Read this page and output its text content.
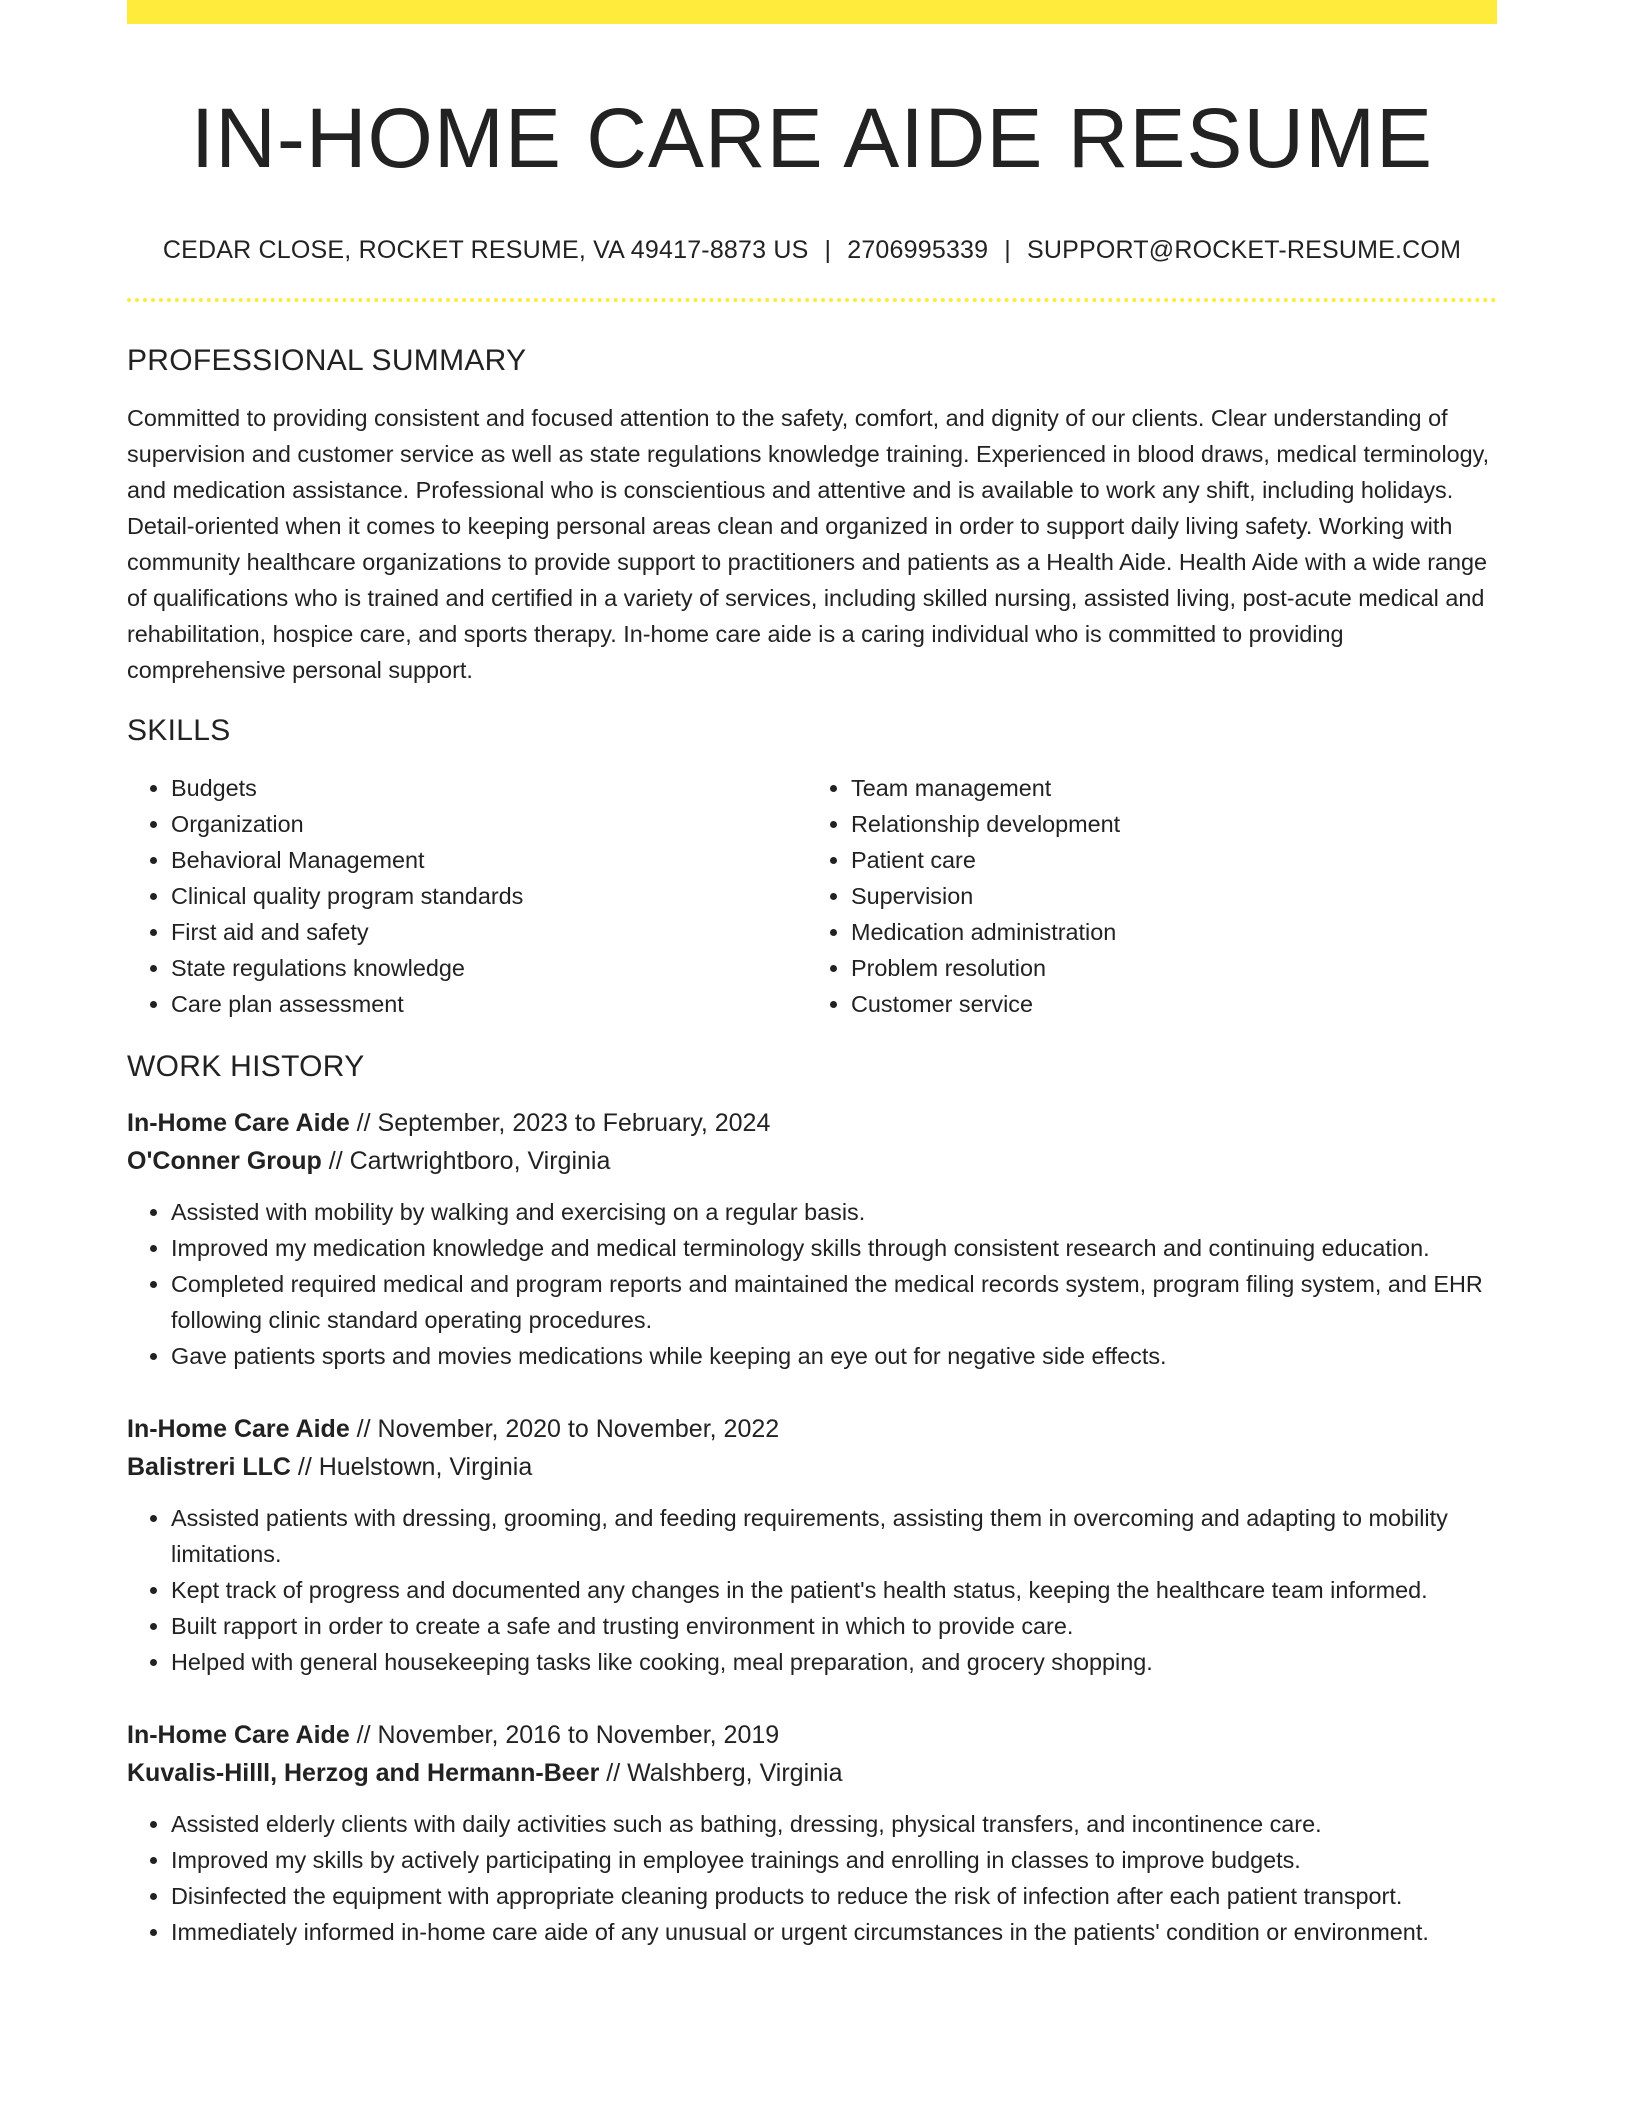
IN-HOME CARE AIDE RESUME
CEDAR CLOSE, ROCKET RESUME, VA 49417-8873 US | 2706995339 | SUPPORT@ROCKET-RESUME.COM
PROFESSIONAL SUMMARY

Committed to providing consistent and focused attention to the safety, comfort, and dignity of our clients. Clear understanding of supervision and customer service as well as state regulations knowledge training. Experienced in blood draws, medical terminology, and medication assistance. Professional who is conscientious and attentive and is available to work any shift, including holidays. Detail-oriented when it comes to keeping personal areas clean and organized in order to support daily living safety. Working with community healthcare organizations to provide support to practitioners and patients as a Health Aide. Health Aide with a wide range of qualifications who is trained and certified in a variety of services, including skilled nursing, assisted living, post-acute medical and rehabilitation, hospice care, and sports therapy. In-home care aide is a caring individual who is committed to providing comprehensive personal support.

SKILLS
• Budgets
• Organization
• Behavioral Management
• Clinical quality program standards
• First aid and safety
• State regulations knowledge
• Care plan assessment
• Team management
• Relationship development
• Patient care
• Supervision
• Medication administration
• Problem resolution
• Customer service
WORK HISTORY
In-Home Care Aide // September, 2023 to February, 2024
O'Conner Group // Cartwrightboro, Virginia
• Assisted with mobility by walking and exercising on a regular basis.
• Improved my medication knowledge and medical terminology skills through consistent research and continuing education.
• Completed required medical and program reports and maintained the medical records system, program filing system, and EHR following clinic standard operating procedures.
• Gave patients sports and movies medications while keeping an eye out for negative side effects.
In-Home Care Aide // November, 2020 to November, 2022
Balistreri LLC // Huelstown, Virginia
• Assisted patients with dressing, grooming, and feeding requirements, assisting them in overcoming and adapting to mobility limitations.
• Kept track of progress and documented any changes in the patient's health status, keeping the healthcare team informed.
• Built rapport in order to create a safe and trusting environment in which to provide care.
• Helped with general housekeeping tasks like cooking, meal preparation, and grocery shopping.
In-Home Care Aide // November, 2016 to November, 2019
Kuvalis-Hilll, Herzog and Hermann-Beer // Walshberg, Virginia
• Assisted elderly clients with daily activities such as bathing, dressing, physical transfers, and incontinence care.
• Improved my skills by actively participating in employee trainings and enrolling in classes to improve budgets.
• Disinfected the equipment with appropriate cleaning products to reduce the risk of infection after each patient transport.
• Immediately informed in-home care aide of any unusual or urgent circumstances in the patients' condition or environment.
